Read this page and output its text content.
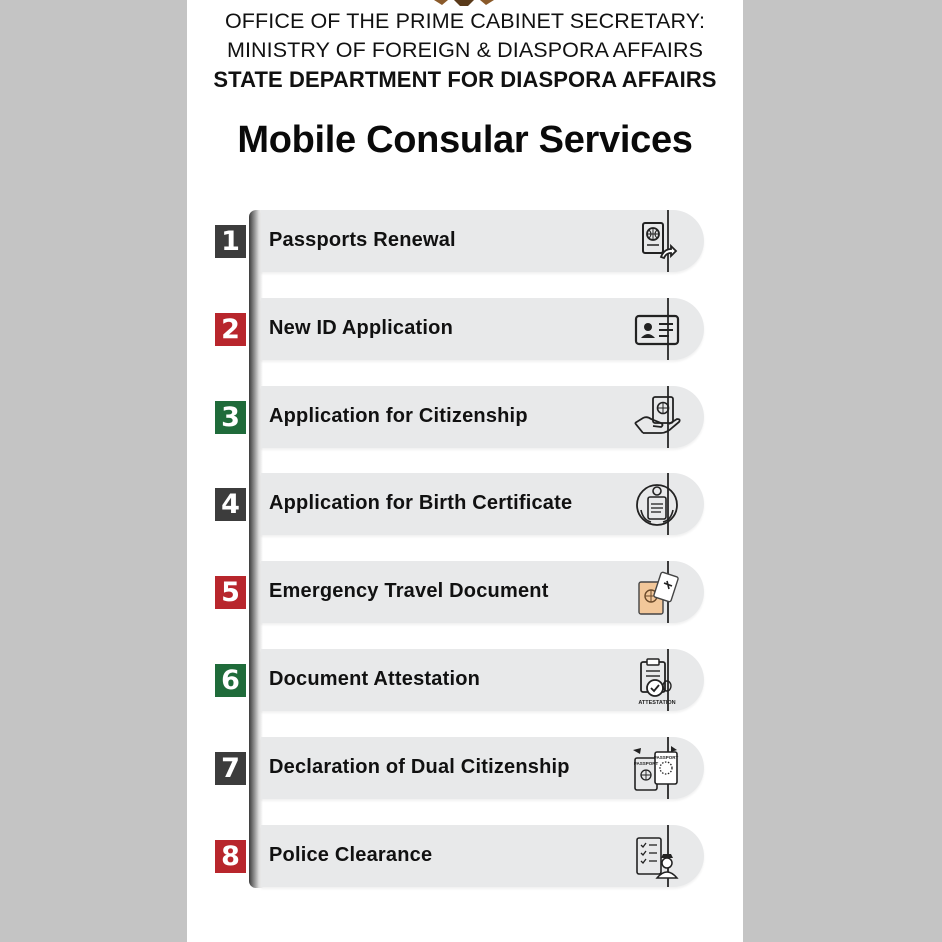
OFFICE OF THE PRIME CABINET SECRETARY:
MINISTRY OF FOREIGN & DIASPORA AFFAIRS
STATE DEPARTMENT FOR DIASPORA AFFAIRS
Mobile Consular Services
1	Passports Renewal
2	New ID Application
3	Application for Citizenship
4	Application for Birth Certificate
5	Emergency Travel Document
6	Document Attestation
ATTESTATION
7	Declaration of Dual Citizenship	PASSPORT
PASSPORT
8	Police Clearance
